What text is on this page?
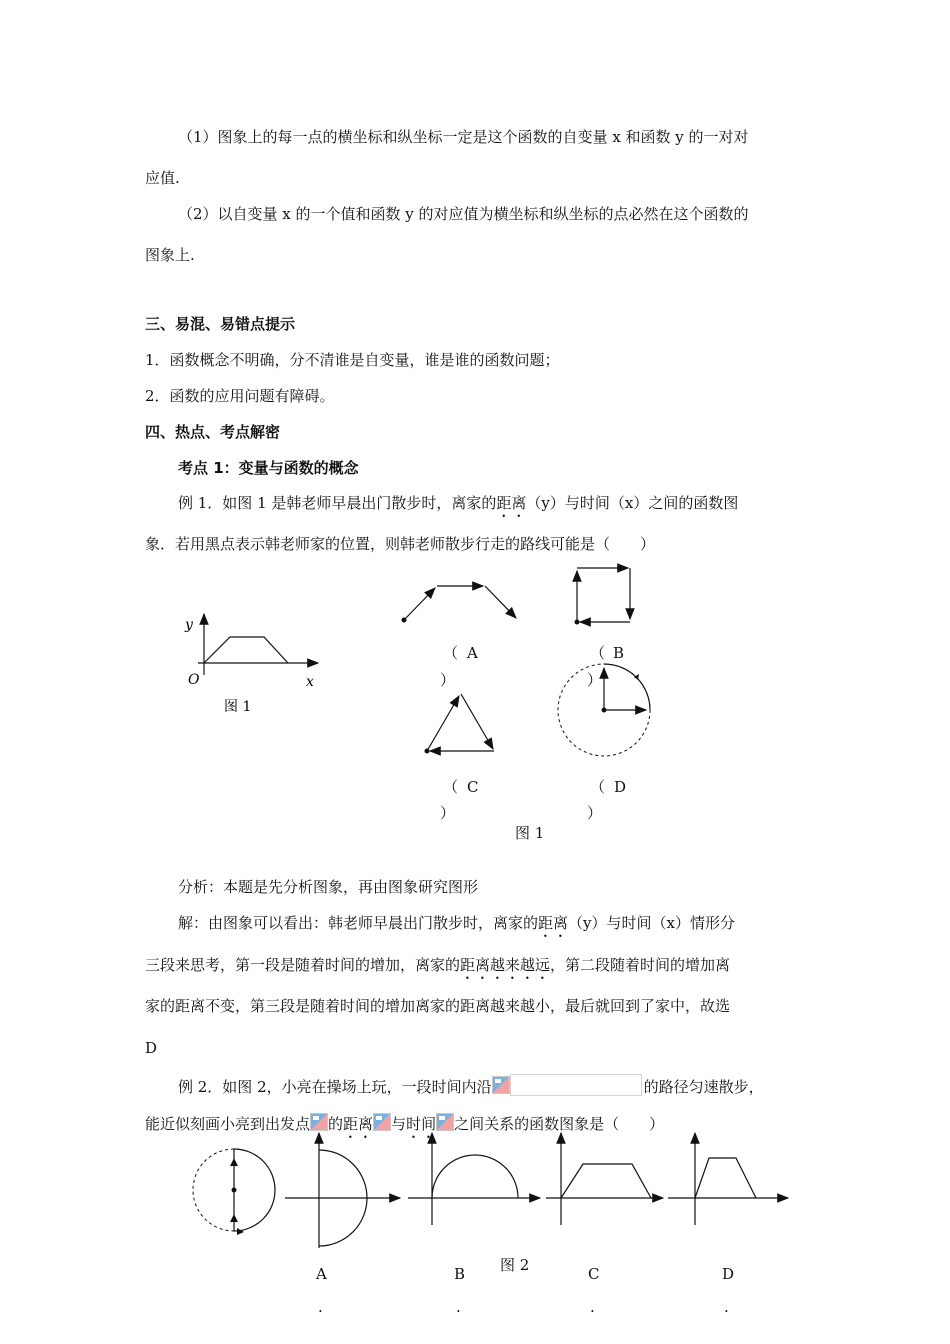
（1）图象上的每一点的横坐标和纵坐标一定是这个函数的自变量 x 和函数 y 的一对对
应值.
（2）以自变量 x 的一个值和函数 y 的对应值为横坐标和纵坐标的点必然在这个函数的
图象上.
三、易混、易错点提示
1．函数概念不明确，分不清谁是自变量，谁是谁的函数问题；
2．函数的应用问题有障碍。
四、热点、考点解密
考点 1：变量与函数的概念
例 1．如图 1 是韩老师早晨出门散步时，离家的距离（y）与时间（x）之间的函数图
象．若用黑点表示韩老师家的位置，则韩老师散步行走的路线可能是（　　）
y
O	x
图 1
（ A
）
（ B
）
（ C
）
（ D
）
图 1
分析：本题是先分析图象，再由图象研究图形
解：由图象可以看出：韩老师早晨出门散步时，离家的距离（y）与时间（x）情形分
三段来思考，第一段是随着时间的增加，离家的距离越来越远，第二段随着时间的增加离
家的距离不变，第三段是随着时间的增加离家的距离越来越小，最后就回到了家中，故选
D
例 2．如图 2，小亮在操场上玩，一段时间内沿	的路径匀速散步，
能近似刻画小亮到出发点 的距离 与时间 之间关系的函数图象是（　　）
图 2
A	B	C	D
.	.	.	.
